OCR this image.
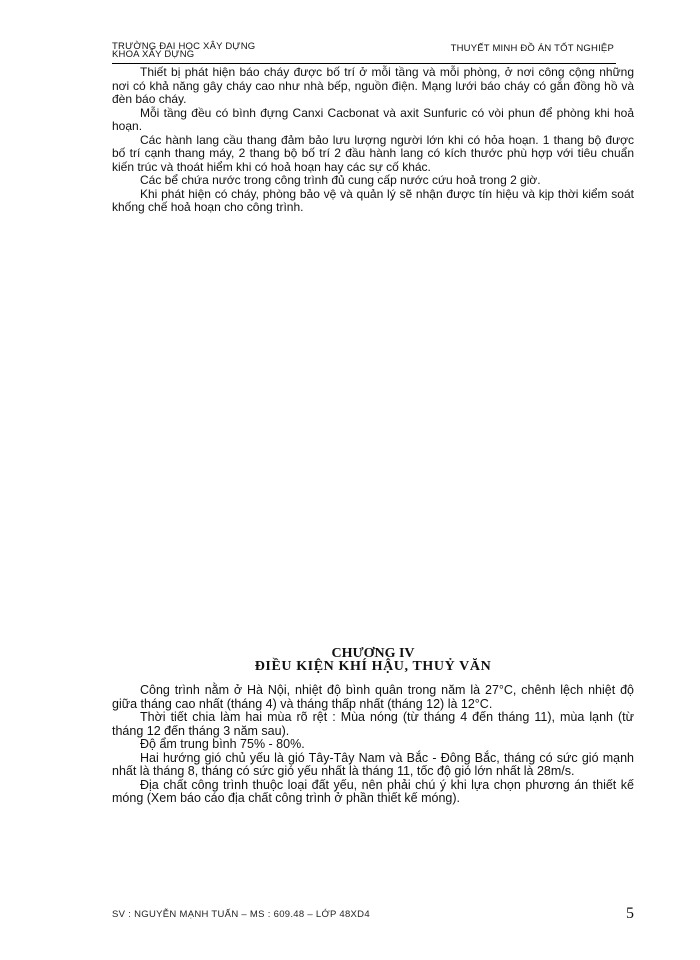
TRƯỜNG ĐẠI HỌC XÂY DỰNG
KHOA XÂY DỰNG
THUYẾT MINH ĐỒ ÁN TỐT NGHIỆP

Thiết bị phát hiện báo cháy được bố trí ở mỗi tầng và mỗi phòng, ở nơi công cộng những nơi có khả năng gây cháy cao như nhà bếp, nguồn điện. Mạng lưới báo cháy có gắn đồng hồ và đèn báo cháy.

Mỗi tầng đều có bình đựng Canxi Cacbonat và axit Sunfuric có vòi phun để phòng khi hoả hoạn.

Các hành lang cầu thang đảm bảo lưu lượng người lớn khi có hỏa hoạn. 1 thang bộ được bố trí cạnh thang máy, 2 thang bộ bố trí 2 đầu hành lang có kích thước phù hợp với tiêu chuẩn kiến trúc và thoát hiểm khi có hoả hoạn hay các sự cố khác.

Các bể chứa nước trong công trình đủ cung cấp nước cứu hoả trong 2 giờ.

Khi phát hiện có cháy, phòng bảo vệ và quản lý sẽ nhận được tín hiệu và kịp thời kiểm soát khống chế hoả hoạn cho công trình.

CHƯƠNG IV
ĐIỀU KIỆN KHÍ HẬU, THUỶ VĂN

Công trình nằm ở Hà Nội, nhiệt độ bình quân trong năm là 27°C, chênh lệch nhiệt độ giữa tháng cao nhất (tháng 4) và tháng thấp nhất (tháng 12) là 12°C.

Thời tiết chia làm hai mùa rõ rệt : Mùa nóng (từ tháng 4 đến tháng 11), mùa lạnh (từ tháng 12 đến tháng 3 năm sau).

Độ ẩm trung bình 75% - 80%.

Hai hướng gió chủ yếu là gió Tây-Tây Nam và Bắc - Đông Bắc, tháng có sức gió mạnh nhất là tháng 8, tháng có sức gió yếu nhất là tháng 11, tốc độ gió lớn nhất là 28m/s.

Địa chất công trình thuộc loại đất yếu, nên phải chú ý khi lựa chọn phương án thiết kế móng (Xem báo cáo địa chất công trình ở phần thiết kế móng).

SV : NGUYỄN MẠNH TUẤN – MS : 609.48 – LỚP 48XD4	5
